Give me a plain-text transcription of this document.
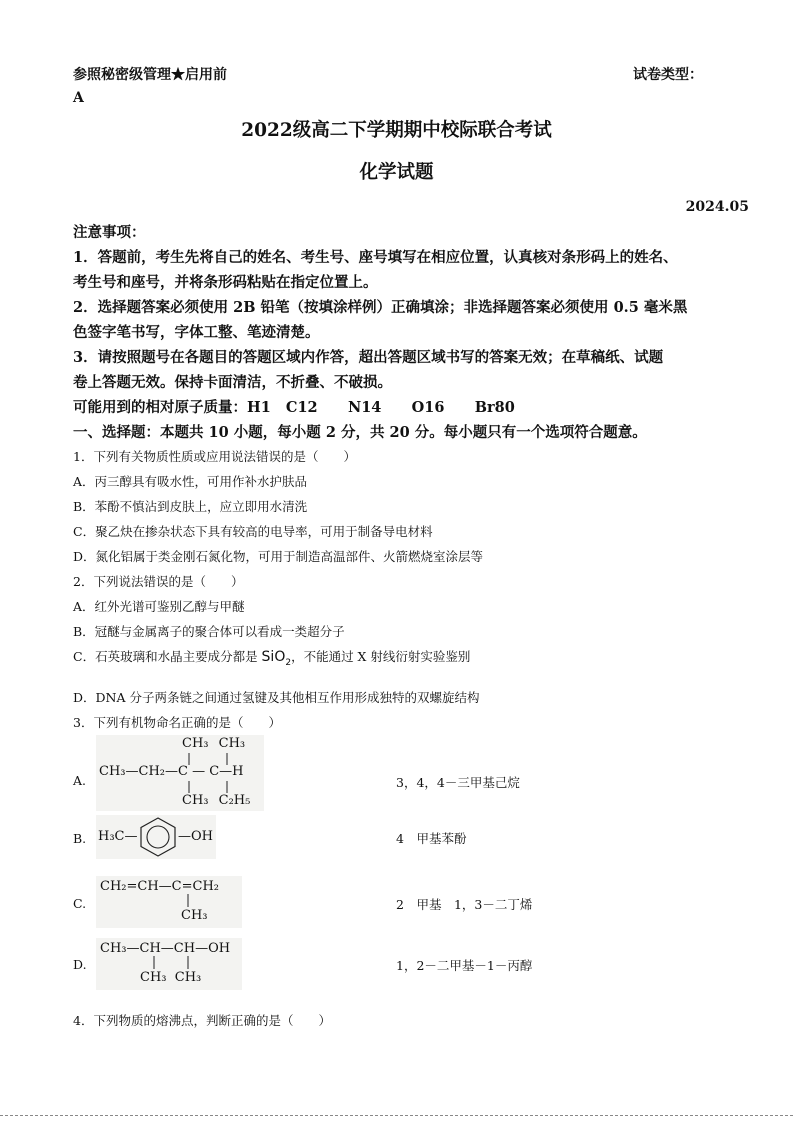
参照秘密级管理★启用前	试卷类型：
A
2022级高二下学期期中校际联合考试
化学试题
2024.05
注意事项：
1．答题前，考生先将自己的姓名、考生号、座号填写在相应位置，认真核对条形码上的姓名、
考生号和座号，并将条形码粘贴在指定位置上。
2．选择题答案必须使用 2B 铅笔（按填涂样例）正确填涂；非选择题答案必须使用 0.5 毫米黑
色签字笔书写，字体工整、笔迹清楚。
3．请按照题号在各题目的答题区域内作答，超出答题区域书写的答案无效；在草稿纸、试题
卷上答题无效。保持卡面清洁，不折叠、不破损。
可能用到的相对原子质量：H1   C12      N14      O16      Br80
一、选择题：本题共 10 小题，每小题 2 分，共 20 分。每小题只有一个选项符合题意。
1．下列有关物质性质或应用说法错误的是（　　）
A．丙三醇具有吸水性，可用作补水护肤品
B．苯酚不慎沾到皮肤上，应立即用水清洗
C．聚乙炔在掺杂状态下具有较高的电导率，可用于制备导电材料
D．氮化铝属于类金刚石氮化物，可用于制造高温部件、火箭燃烧室涂层等
2．下列说法错误的是（　　）
A．红外光谱可鉴别乙醇与甲醚
B．冠醚与金属离子的聚合体可以看成一类超分子
C．石英玻璃和水晶主要成分都是 SiO$_2$，不能通过 X 射线衍射实验鉴别
D．DNA 分子两条链之间通过氢键及其他相互作用形成独特的双螺旋结构
3．下列有机物命名正确的是（　　）
A.
CH₃ CH₃
CH₃—CH₂—C — C—H
CH₃ C₂H₅
3，4，4－三甲基己烷
B. H₃C—	—OH	4　甲基苯酚
C.
CH₂=CH—C=CH₂
CH₃
2　甲基　1，3－二丁烯
D.
CH₃—CH—CH—OH
CH₃  CH₃
1，2－二甲基－1－丙醇
4．下列物质的熔沸点，判断正确的是（　　）
